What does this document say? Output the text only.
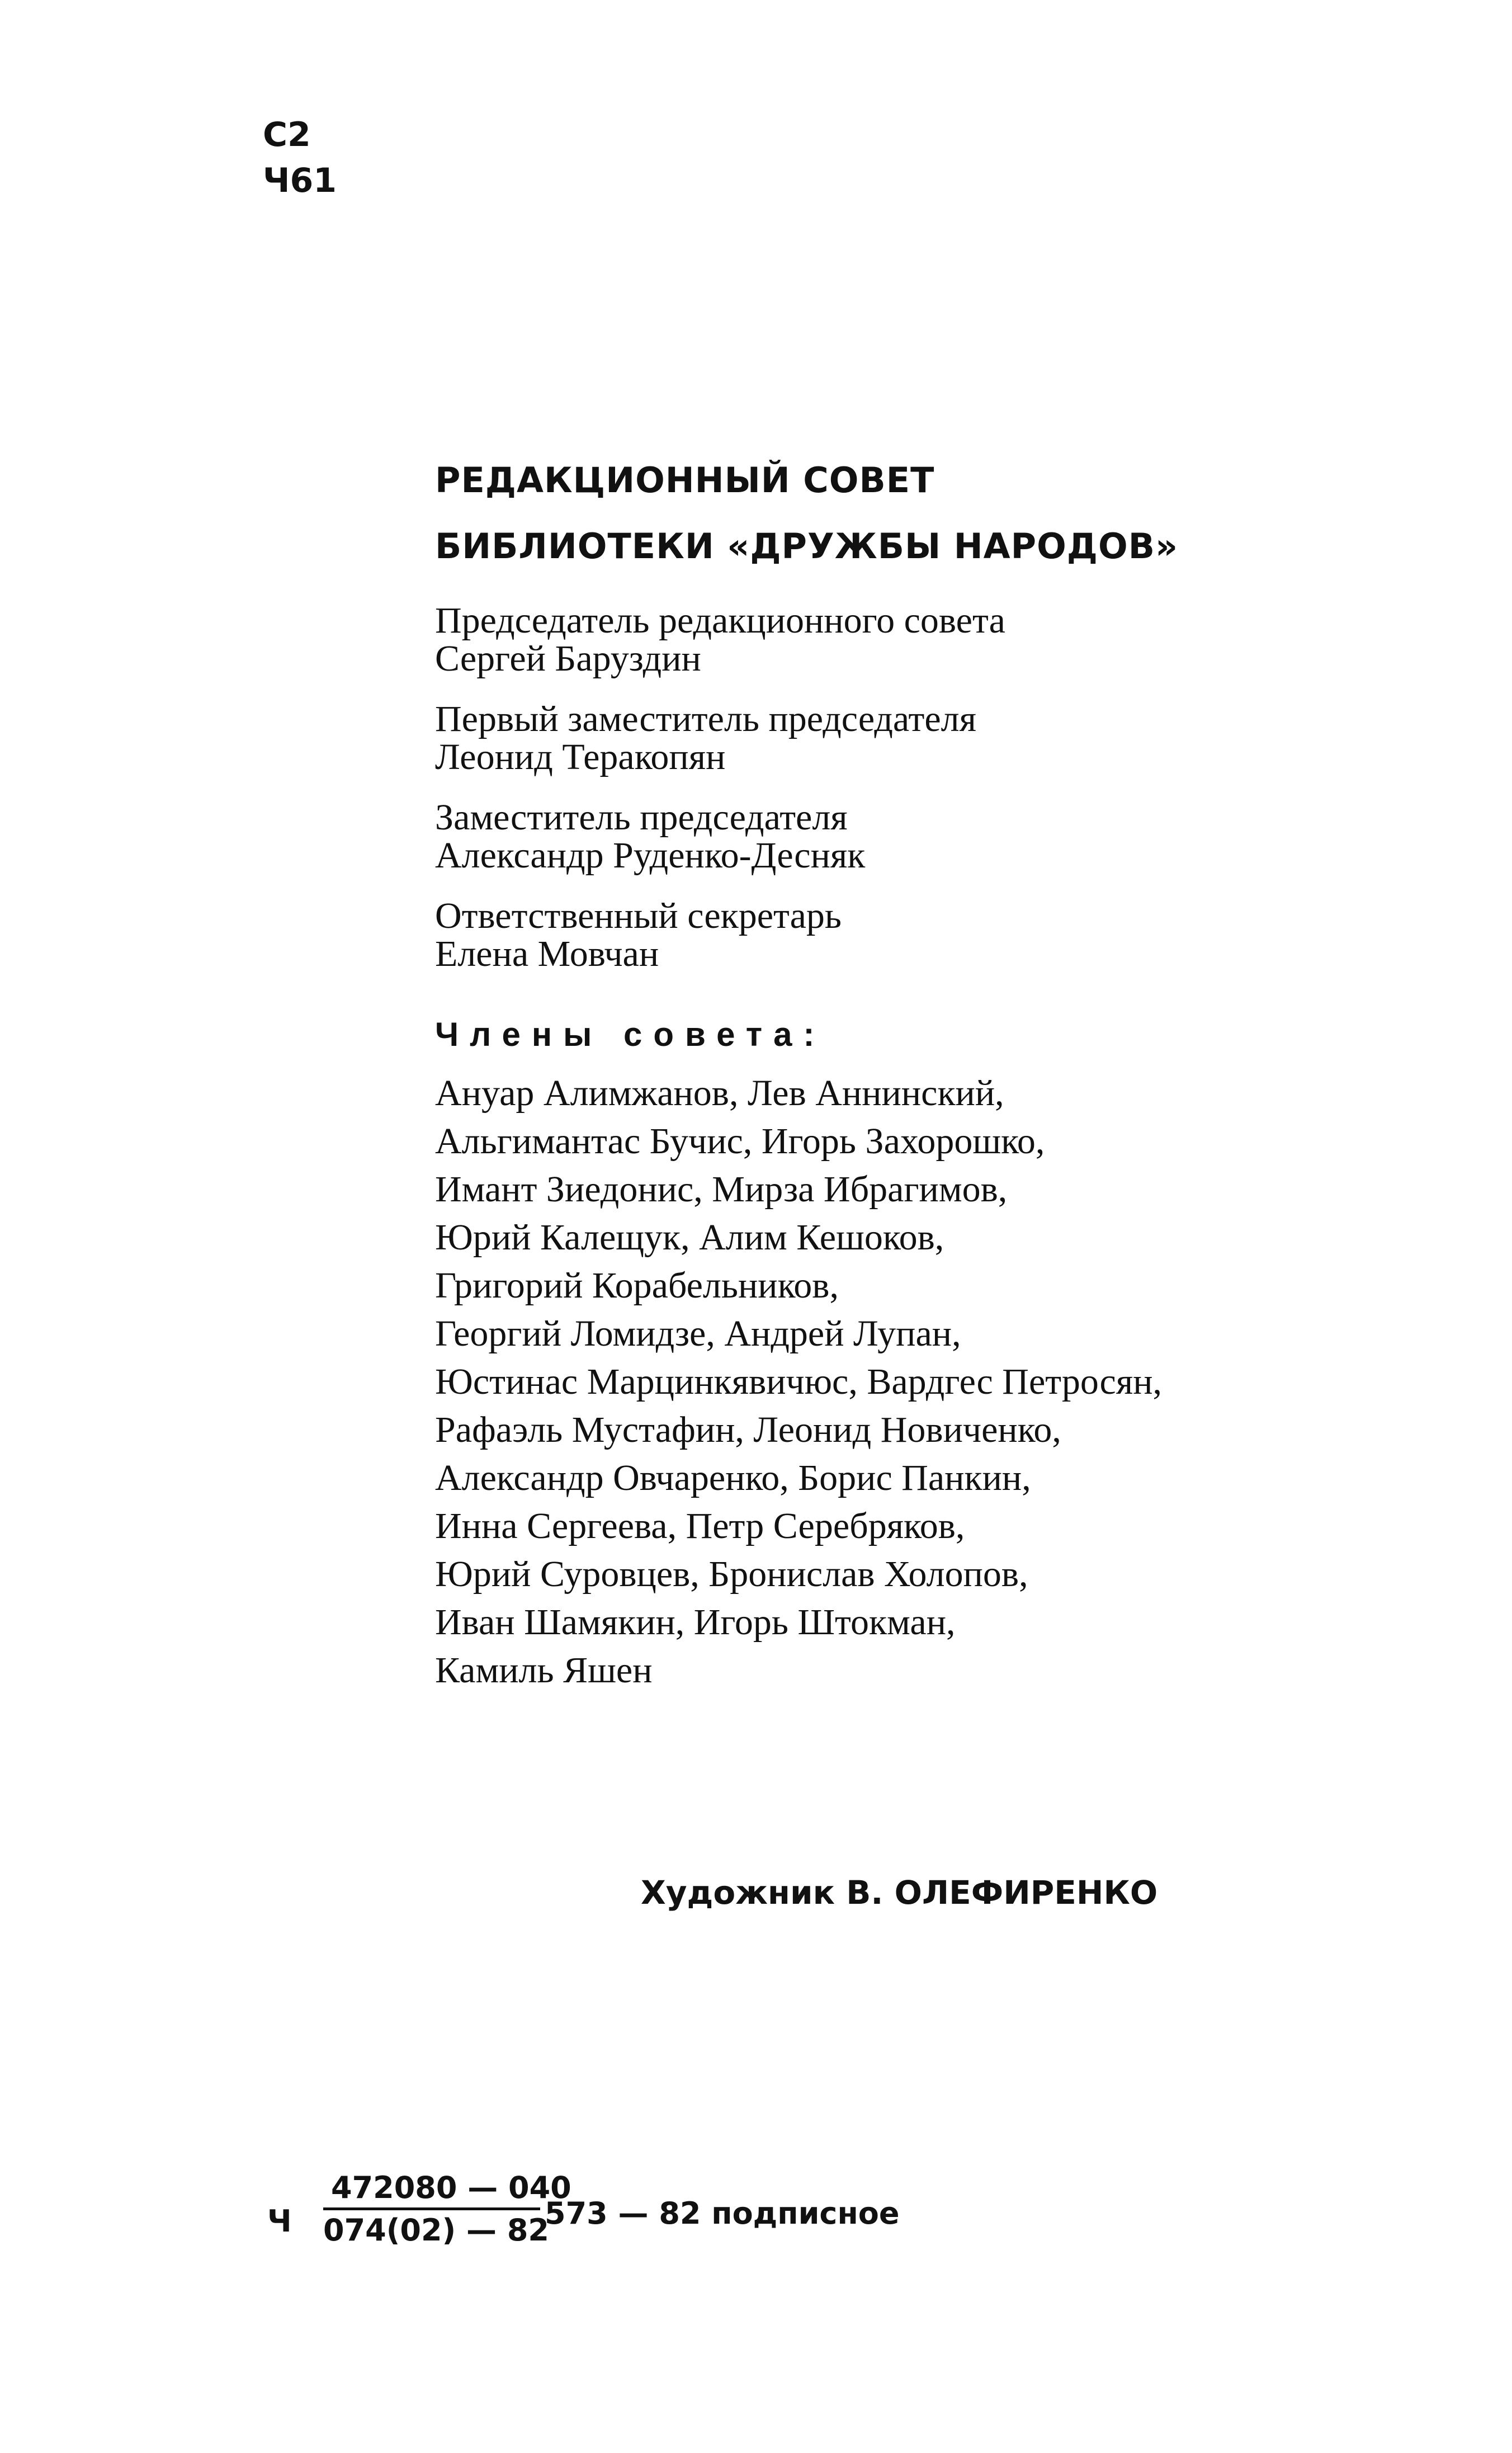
С2
Ч61
РЕДАКЦИОННЫЙ СОВЕТ
БИБЛИОТЕКИ «ДРУЖБЫ НАРОДОВ»
Председатель редакционного совета
Сергей Баруздин
Первый заместитель председателя
Леонид Теракопян
Заместитель председателя
Александр Руденко-Десняк
Ответственный секретарь
Елена Мовчан
Члены совета:
Ануар Алимжанов, Лев Аннинский,
Альгимантас Бучис, Игорь Захорошко,
Имант Зиедонис, Мирза Ибрагимов,
Юрий Калещук, Алим Кешоков,
Григорий Корабельников,
Георгий Ломидзе, Андрей Лупан,
Юстинас Марцинкявичюс, Вардгес Петросян,
Рафаэль Мустафин, Леонид Новиченко,
Александр Овчаренко, Борис Панкин,
Инна Сергеева, Петр Серебряков,
Юрий Суровцев, Бронислав Холопов,
Иван Шамякин, Игорь Штокман,
Камиль Яшен
Художник В. ОЛЕФИРЕНКО
Ч
472080 — 040
074(02) — 82
573 — 82 подписное
